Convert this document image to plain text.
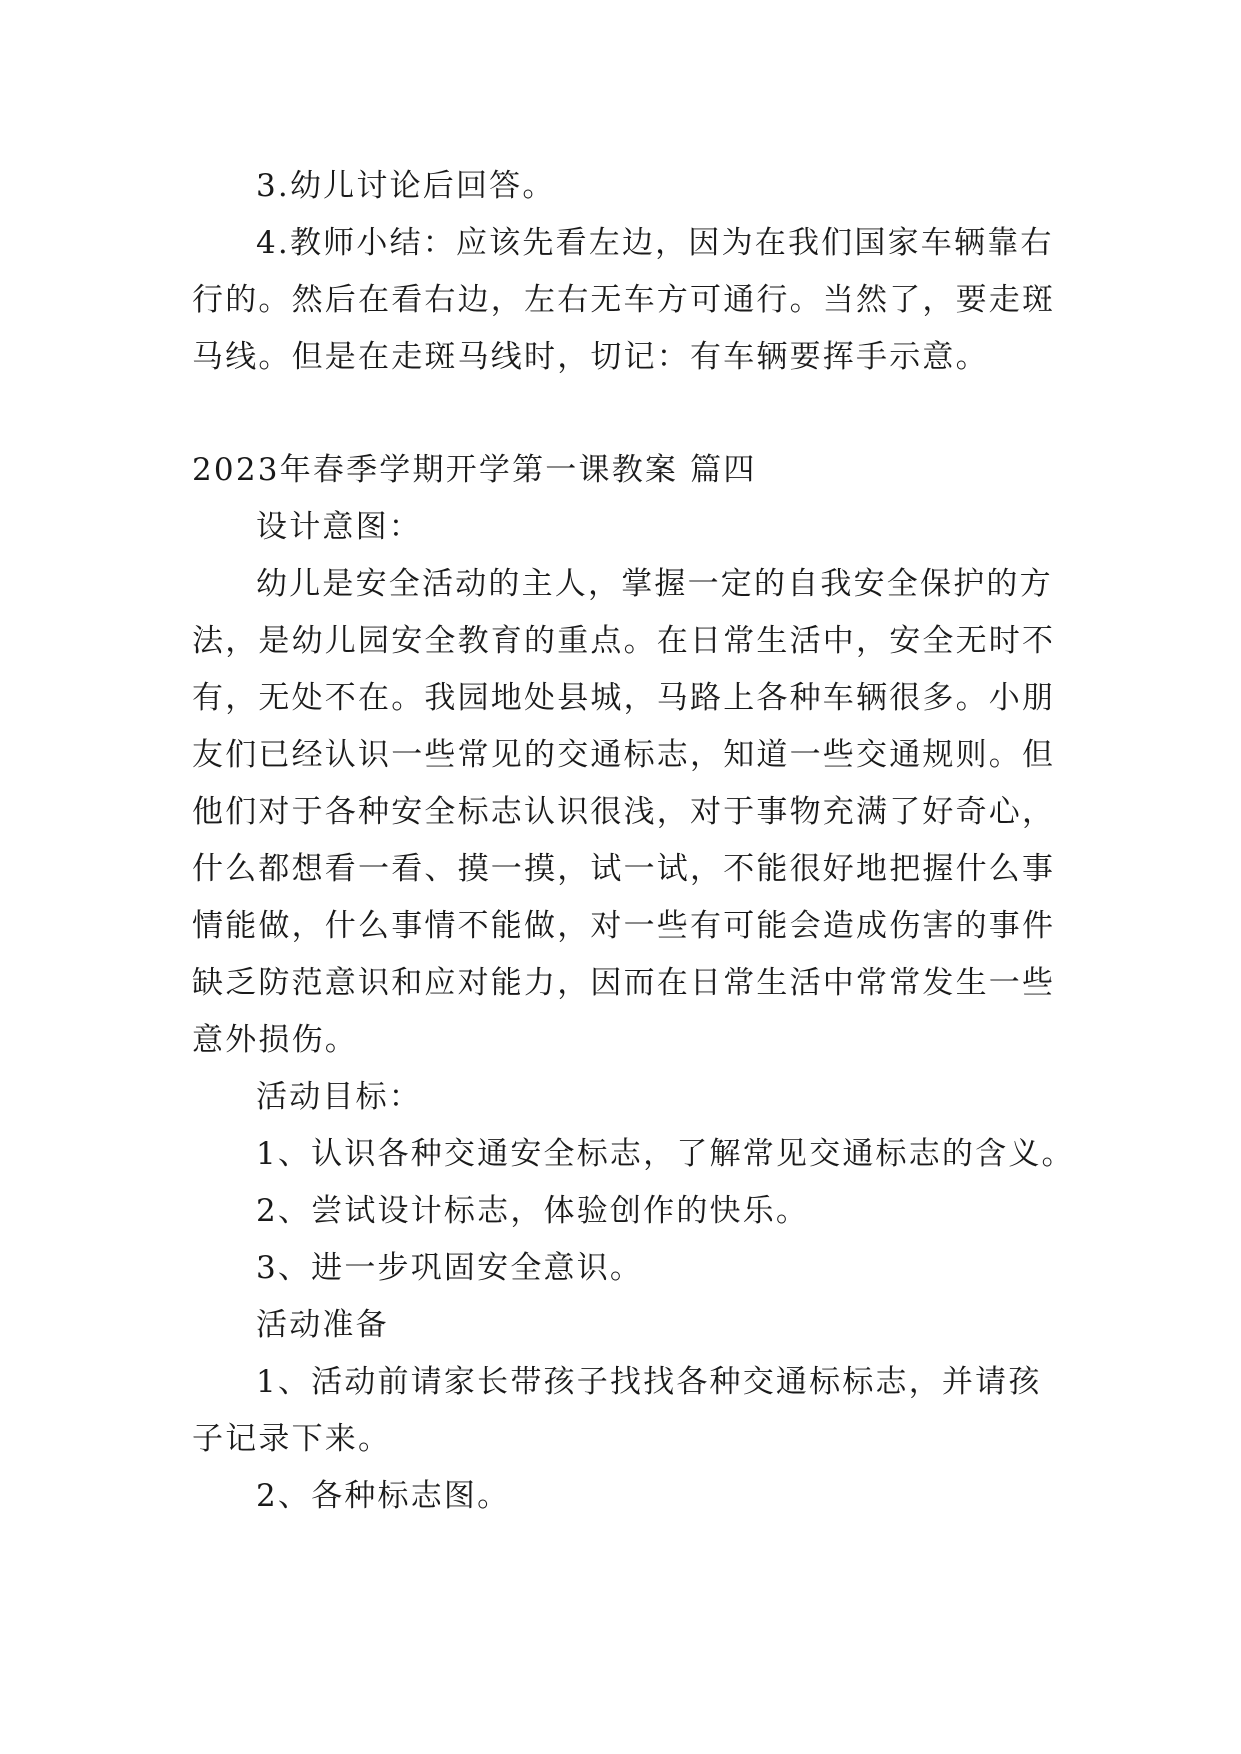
3.幼儿讨论后回答。

4.教师小结：应该先看左边，因为在我们国家车辆靠右

行的。然后在看右边，左右无车方可通行。当然了，要走斑

马线。但是在走斑马线时，切记：有车辆要挥手示意。

2023年春季学期开学第一课教案 篇四

设计意图：

幼儿是安全活动的主人，掌握一定的自我安全保护的方

法，是幼儿园安全教育的重点。在日常生活中，安全无时不

有，无处不在。我园地处县城，马路上各种车辆很多。小朋

友们已经认识一些常见的交通标志，知道一些交通规则。但

他们对于各种安全标志认识很浅，对于事物充满了好奇心，

什么都想看一看、摸一摸，试一试，不能很好地把握什么事

情能做，什么事情不能做，对一些有可能会造成伤害的事件

缺乏防范意识和应对能力，因而在日常生活中常常发生一些

意外损伤。

活动目标：

1、认识各种交通安全标志，了解常见交通标志的含义。

2、尝试设计标志，体验创作的快乐。

3、进一步巩固安全意识。

活动准备

1、活动前请家长带孩子找找各种交通标标志，并请孩

子记录下来。

2、各种标志图。
